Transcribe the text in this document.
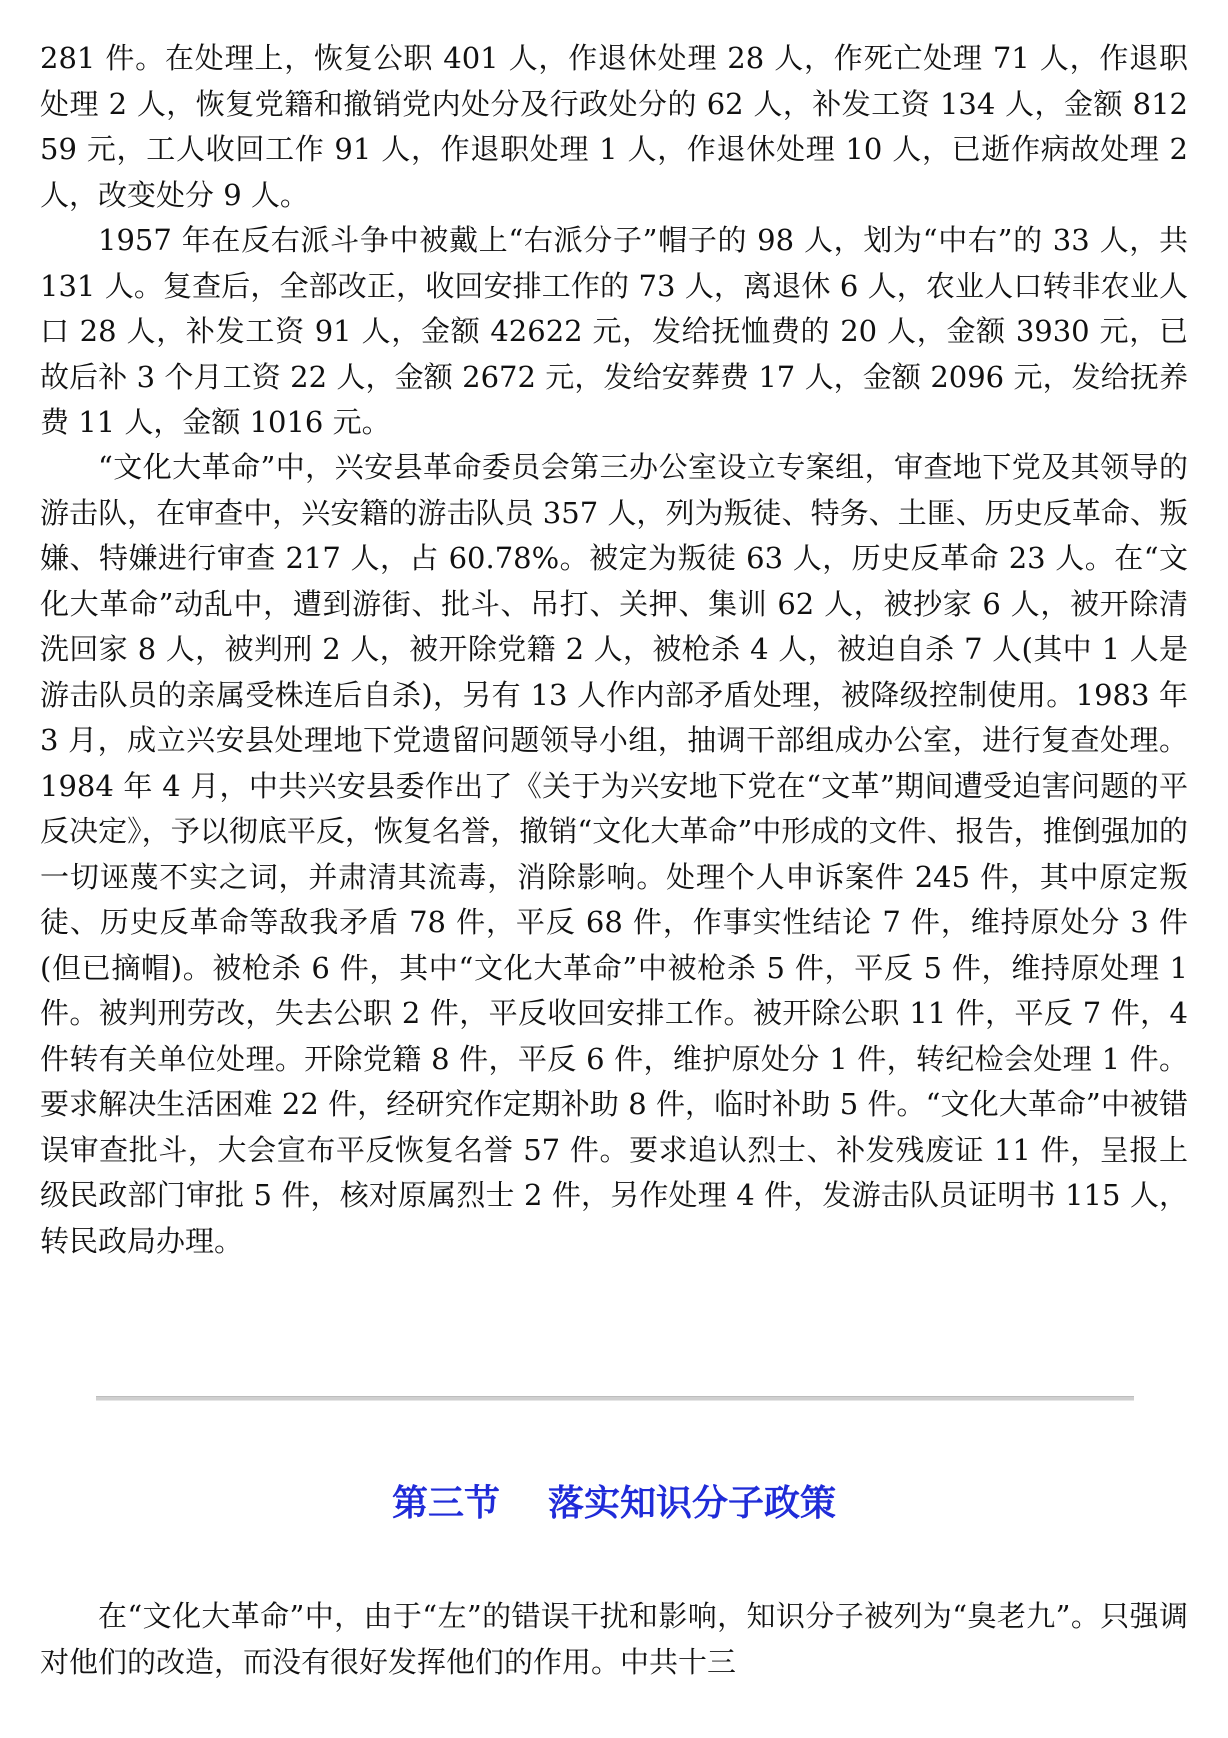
281 件。在处理上，恢复公职 401 人，作退休处理 28 人，作死亡处理 71 人，作退职处理 2 人，恢复党籍和撤销党内处分及行政处分的 62 人，补发工资 134 人，金额 81259 元，工人收回工作 91 人，作退职处理 1 人，作退休处理 10 人，已逝作病故处理 2 人，改变处分 9 人。

1957 年在反右派斗争中被戴上“右派分子”帽子的 98 人，划为“中右”的 33 人，共 131 人。复查后，全部改正，收回安排工作的 73 人，离退休 6 人，农业人口转非农业人口 28 人，补发工资 91 人，金额 42622 元，发给抚恤费的 20 人，金额 3930 元，已故后补 3 个月工资 22 人，金额 2672 元，发给安葬费 17 人，金额 2096 元，发给抚养费 11 人，金额 1016 元。

“文化大革命”中，兴安县革命委员会第三办公室设立专案组，审查地下党及其领导的游击队，在审查中，兴安籍的游击队员 357 人，列为叛徒、特务、土匪、历史反革命、叛嫌、特嫌进行审查 217 人，占 60.78%。被定为叛徒 63 人，历史反革命 23 人。在“文化大革命”动乱中，遭到游街、批斗、吊打、关押、集训 62 人，被抄家 6 人，被开除清洗回家 8 人，被判刑 2 人，被开除党籍 2 人，被枪杀 4 人，被迫自杀 7 人(其中 1 人是游击队员的亲属受株连后自杀)，另有 13 人作内部矛盾处理，被降级控制使用。1983 年 3 月，成立兴安县处理地下党遗留问题领导小组，抽调干部组成办公室，进行复查处理。1984 年 4 月，中共兴安县委作出了《关于为兴安地下党在“文革”期间遭受迫害问题的平反决定》，予以彻底平反，恢复名誉，撤销“文化大革命”中形成的文件、报告，推倒强加的一切诬蔑不实之词，并肃清其流毒，消除影响。处理个人申诉案件 245 件，其中原定叛徒、历史反革命等敌我矛盾 78 件，平反 68 件，作事实性结论 7 件，维持原处分 3 件(但已摘帽)。被枪杀 6 件，其中“文化大革命”中被枪杀 5 件，平反 5 件，维持原处理 1 件。被判刑劳改，失去公职 2 件，平反收回安排工作。被开除公职 11 件，平反 7 件，4 件转有关单位处理。开除党籍 8 件，平反 6 件，维护原处分 1 件，转纪检会处理 1 件。要求解决生活困难 22 件，经研究作定期补助 8 件，临时补助 5 件。“文化大革命”中被错误审查批斗，大会宣布平反恢复名誉 57 件。要求追认烈士、补发残废证 11 件，呈报上级民政部门审批 5 件，核对原属烈士 2 件，另作处理 4 件，发游击队员证明书 115 人，转民政局办理。

第三节 落实知识分子政策

在“文化大革命”中，由于“左”的错误干扰和影响，知识分子被列为“臭老九”。只强调对他们的改造，而没有很好发挥他们的作用。中共十三
